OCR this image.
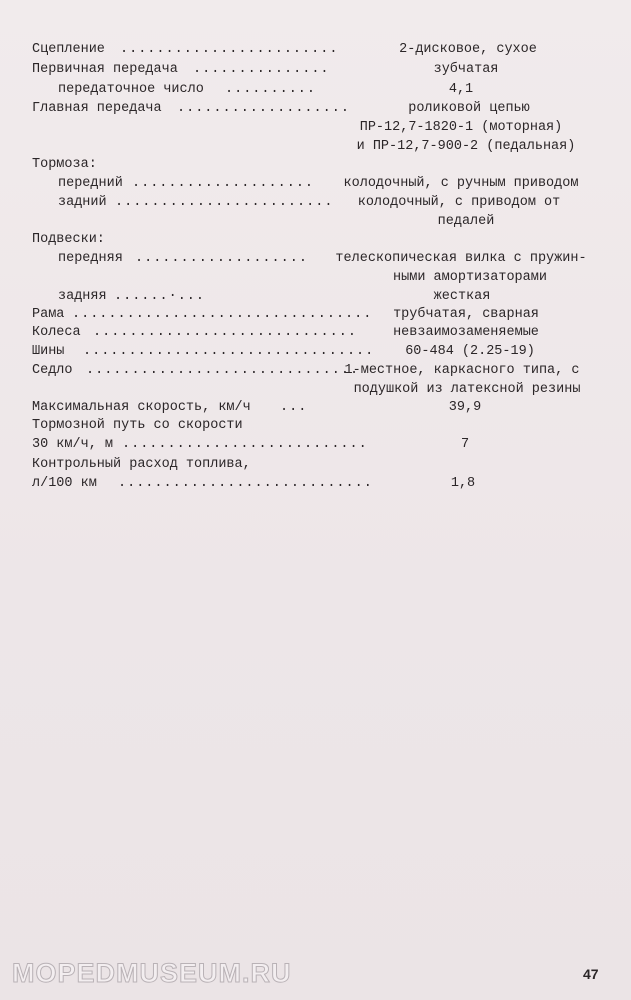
Сцепление ........................	2-дисковое, сухое
Первичная передача ...............	зубчатая
передаточное число ..........	4,1
Главная передача ...................	роликовой цепью
ПР-12,7-1820-1 (моторная)
и ПР-12,7-900-2 (педальная)
Тормоза:
передний ....................	колодочный, с ручным приводом
задний ........................	колодочный, с приводом от
педалей
Подвески:
передняя ...................	телескопическая вилка с пружин-
ными амортизаторами
задняя ......·...	жесткая
Рама .................................	трубчатая, сварная
Колеса .............................	невзаимозаменяемые
Шины ................................	60-484 (2.25-19)
Седло ..............................
1-местное, каркасного типа, с
подушкой из латексной резины
Максимальная скорость, км/ч ...	39,9
Тормозной путь со скорости
30 км/ч, м ...........................	7
Контрольный расход топлива,
л/100 км ............................	1,8
MOPEDMUSEUM.RU	47
